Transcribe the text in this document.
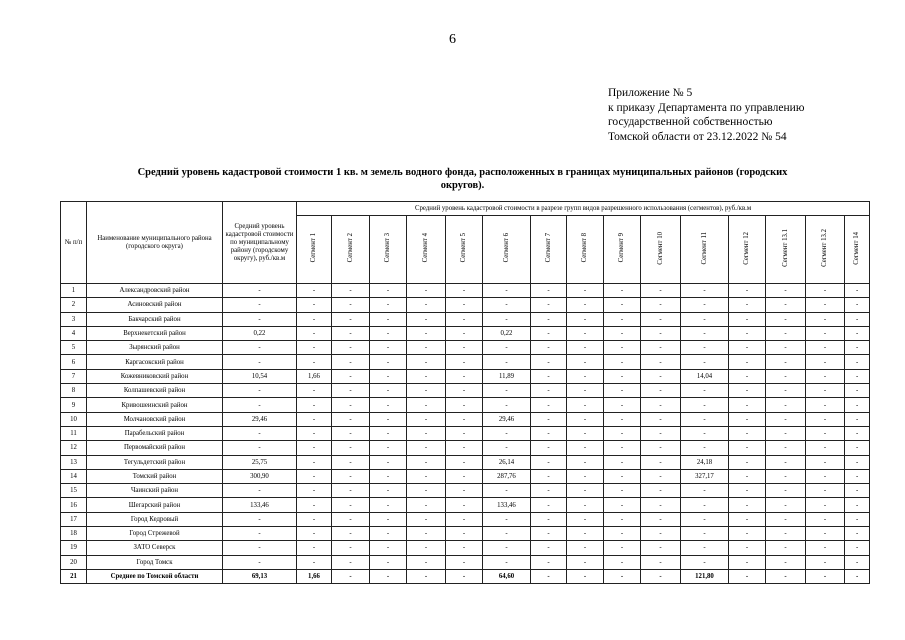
6
Приложение № 5
к приказу Департамента по управлению
государственной собственностью
Томской области от 23.12.2022 № 54
Средний уровень кадастровой стоимости 1 кв. м земель водного фонда, расположенных в границах муниципальных районов (городских
округов).
№ п/п	Наименование муниципального района (городского округа)	Средний уровень кадастровой стоимости по муниципальному району (городскому округу), руб./кв.м	Средний уровень кадастровой стоимости в разрезе групп видов разрешенного использования (сегментов), руб./кв.м														
			Сегмент 1	Сегмент 2	Сегмент 3	Сегмент 4	Сегмент 5	Сегмент 6	Сегмент 7	Сегмент 8	Сегмент 9	Сегмент 10	Сегмент 11	Сегмент 12	Сегмент 13.1	Сегмент 13.2	Сегмент 14
1	Александровский район	-	-	-	-	-	-	-	-	-	-	-	-	-	-	-	-
2	Асиновский район	-	-	-	-	-	-	-	-	-	-	-	-	-	-	-	-
3	Бакчарский район	-	-	-	-	-	-	-	-	-	-	-	-	-	-	-	-
4	Верхнекетский район	0,22	-	-	-	-	-	0,22	-	-	-	-	-	-	-	-	-
5	Зырянский район	-	-	-	-	-	-	-	-	-	-	-	-	-	-	-	-
6	Каргасокский район	-	-	-	-	-	-	-	-	-	-	-	-	-	-	-	-
7	Кожевниковский район	10,54	1,66	-	-	-	-	11,89	-	-	-	-	14,04	-	-	-	-
8	Колпашевский район	-	-	-	-	-	-	-	-	-	-	-	-	-	-	-	-
9	Кривошеинский район	-	-	-	-	-	-	-	-	-	-	-	-	-	-	-	-
10	Молчановский район	29,46	-	-	-	-	-	29,46	-	-	-	-	-	-	-	-	-
11	Парабельский район	-	-	-	-	-	-	-	-	-	-	-	-	-	-	-	-
12	Первомайский район	-	-	-	-	-	-	-	-	-	-	-	-	-	-	-	-
13	Тегульдетский район	25,75	-	-	-	-	-	26,14	-	-	-	-	24,18	-	-	-	-
14	Томский район	300,90	-	-	-	-	-	287,76	-	-	-	-	327,17	-	-	-	-
15	Чаинский район	-	-	-	-	-	-	-	-	-	-	-	-	-	-	-	-
16	Шегарский район	133,46	-	-	-	-	-	133,46	-	-	-	-	-	-	-	-	-
17	Город Кедровый	-	-	-	-	-	-	-	-	-	-	-	-	-	-	-	-
18	Город Стрежевой	-	-	-	-	-	-	-	-	-	-	-	-	-	-	-	-
19	ЗАТО Северск	-	-	-	-	-	-	-	-	-	-	-	-	-	-	-	-
20	Город Томск	-	-	-	-	-	-	-	-	-	-	-	-	-	-	-	-
21	Среднее по Томской области	69,13	1,66	-	-	-	-	64,60	-	-	-	-	121,80	-	-	-	-
